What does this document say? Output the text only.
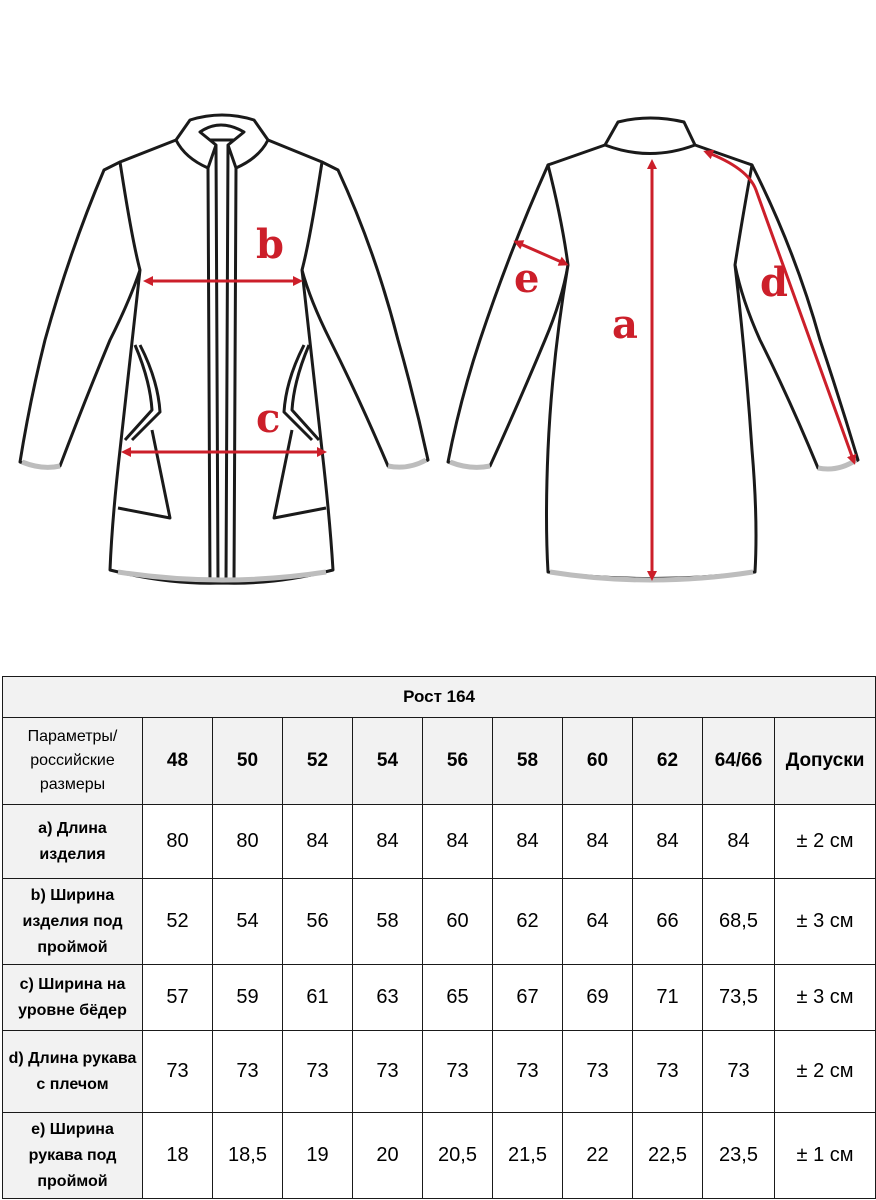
b
c
a
d
e
Рост 164										
Параметры/ российские размеры	48	50	52	54	56	58	60	62	64/66	Допуски
a) Длина изделия	80	80	84	84	84	84	84	84	84	± 2 см
b) Ширина изделия под проймой	52	54	56	58	60	62	64	66	68,5	± 3 см
c) Ширина на уровне бёдер	57	59	61	63	65	67	69	71	73,5	± 3 см
d) Длина рукава с плечом	73	73	73	73	73	73	73	73	73	± 2 см
e) Ширина рукава под проймой	18	18,5	19	20	20,5	21,5	22	22,5	23,5	± 1 см
